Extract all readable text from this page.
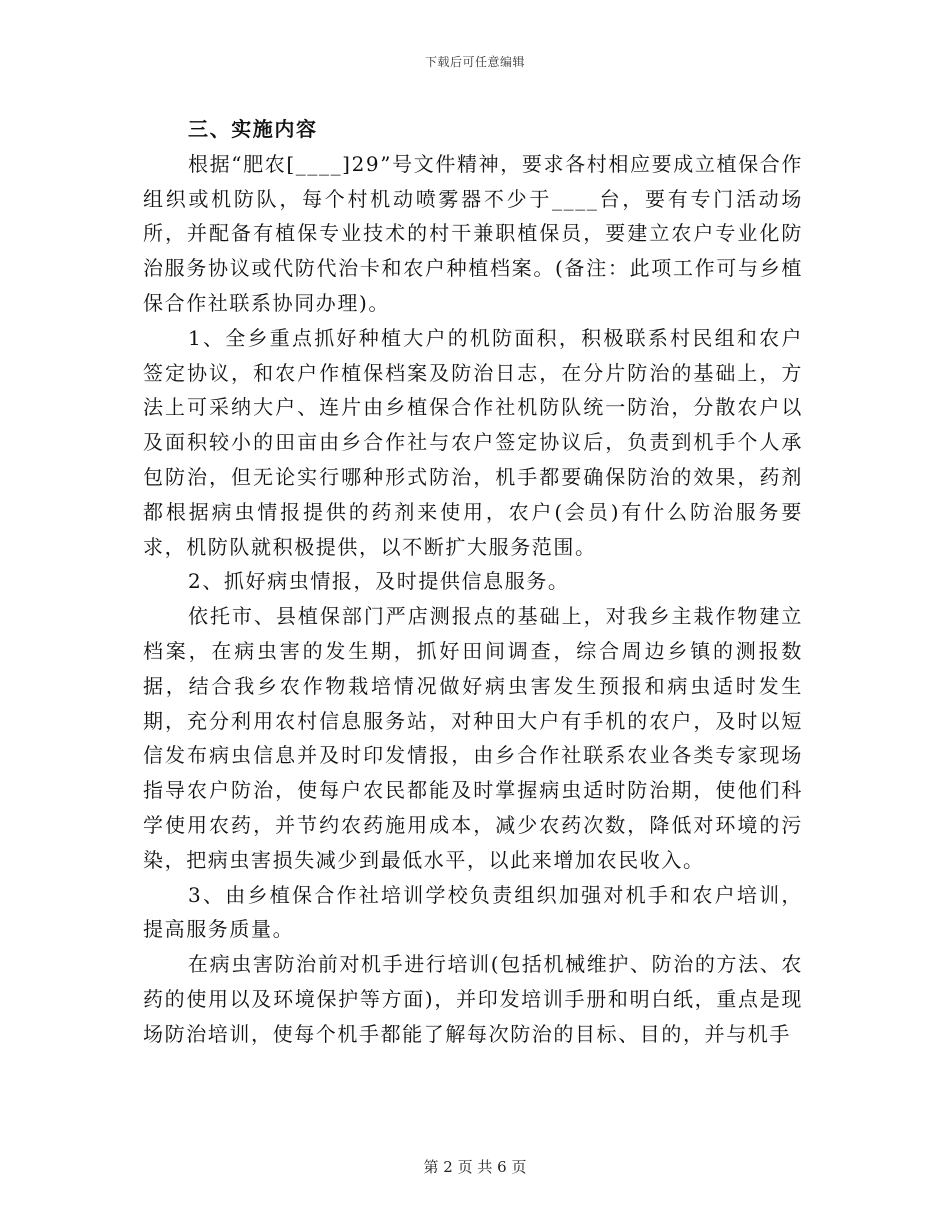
下载后可任意编辑

三、实施内容

根据“肥农[____]29”号文件精神，要求各村相应要成立植保合作组织或机防队，每个村机动喷雾器不少于____台，要有专门活动场所，并配备有植保专业技术的村干兼职植保员，要建立农户专业化防治服务协议或代防代治卡和农户种植档案。(备注：此项工作可与乡植保合作社联系协同办理)。

1、全乡重点抓好种植大户的机防面积，积极联系村民组和农户签定协议，和农户作植保档案及防治日志，在分片防治的基础上，方法上可采纳大户、连片由乡植保合作社机防队统一防治，分散农户以及面积较小的田亩由乡合作社与农户签定协议后，负责到机手个人承包防治，但无论实行哪种形式防治，机手都要确保防治的效果，药剂都根据病虫情报提供的药剂来使用，农户(会员)有什么防治服务要求，机防队就积极提供，以不断扩大服务范围。

2、抓好病虫情报，及时提供信息服务。

依托市、县植保部门严店测报点的基础上，对我乡主栽作物建立档案，在病虫害的发生期，抓好田间调查，综合周边乡镇的测报数据，结合我乡农作物栽培情况做好病虫害发生预报和病虫适时发生期，充分利用农村信息服务站，对种田大户有手机的农户，及时以短信发布病虫信息并及时印发情报，由乡合作社联系农业各类专家现场指导农户防治，使每户农民都能及时掌握病虫适时防治期，使他们科学使用农药，并节约农药施用成本，减少农药次数，降低对环境的污染，把病虫害损失减少到最低水平，以此来增加农民收入。

3、由乡植保合作社培训学校负责组织加强对机手和农户培训，提高服务质量。

在病虫害防治前对机手进行培训(包括机械维护、防治的方法、农药的使用以及环境保护等方面)，并印发培训手册和明白纸，重点是现场防治培训，使每个机手都能了解每次防治的目标、目的，并与机手

第 2 页 共 6 页
